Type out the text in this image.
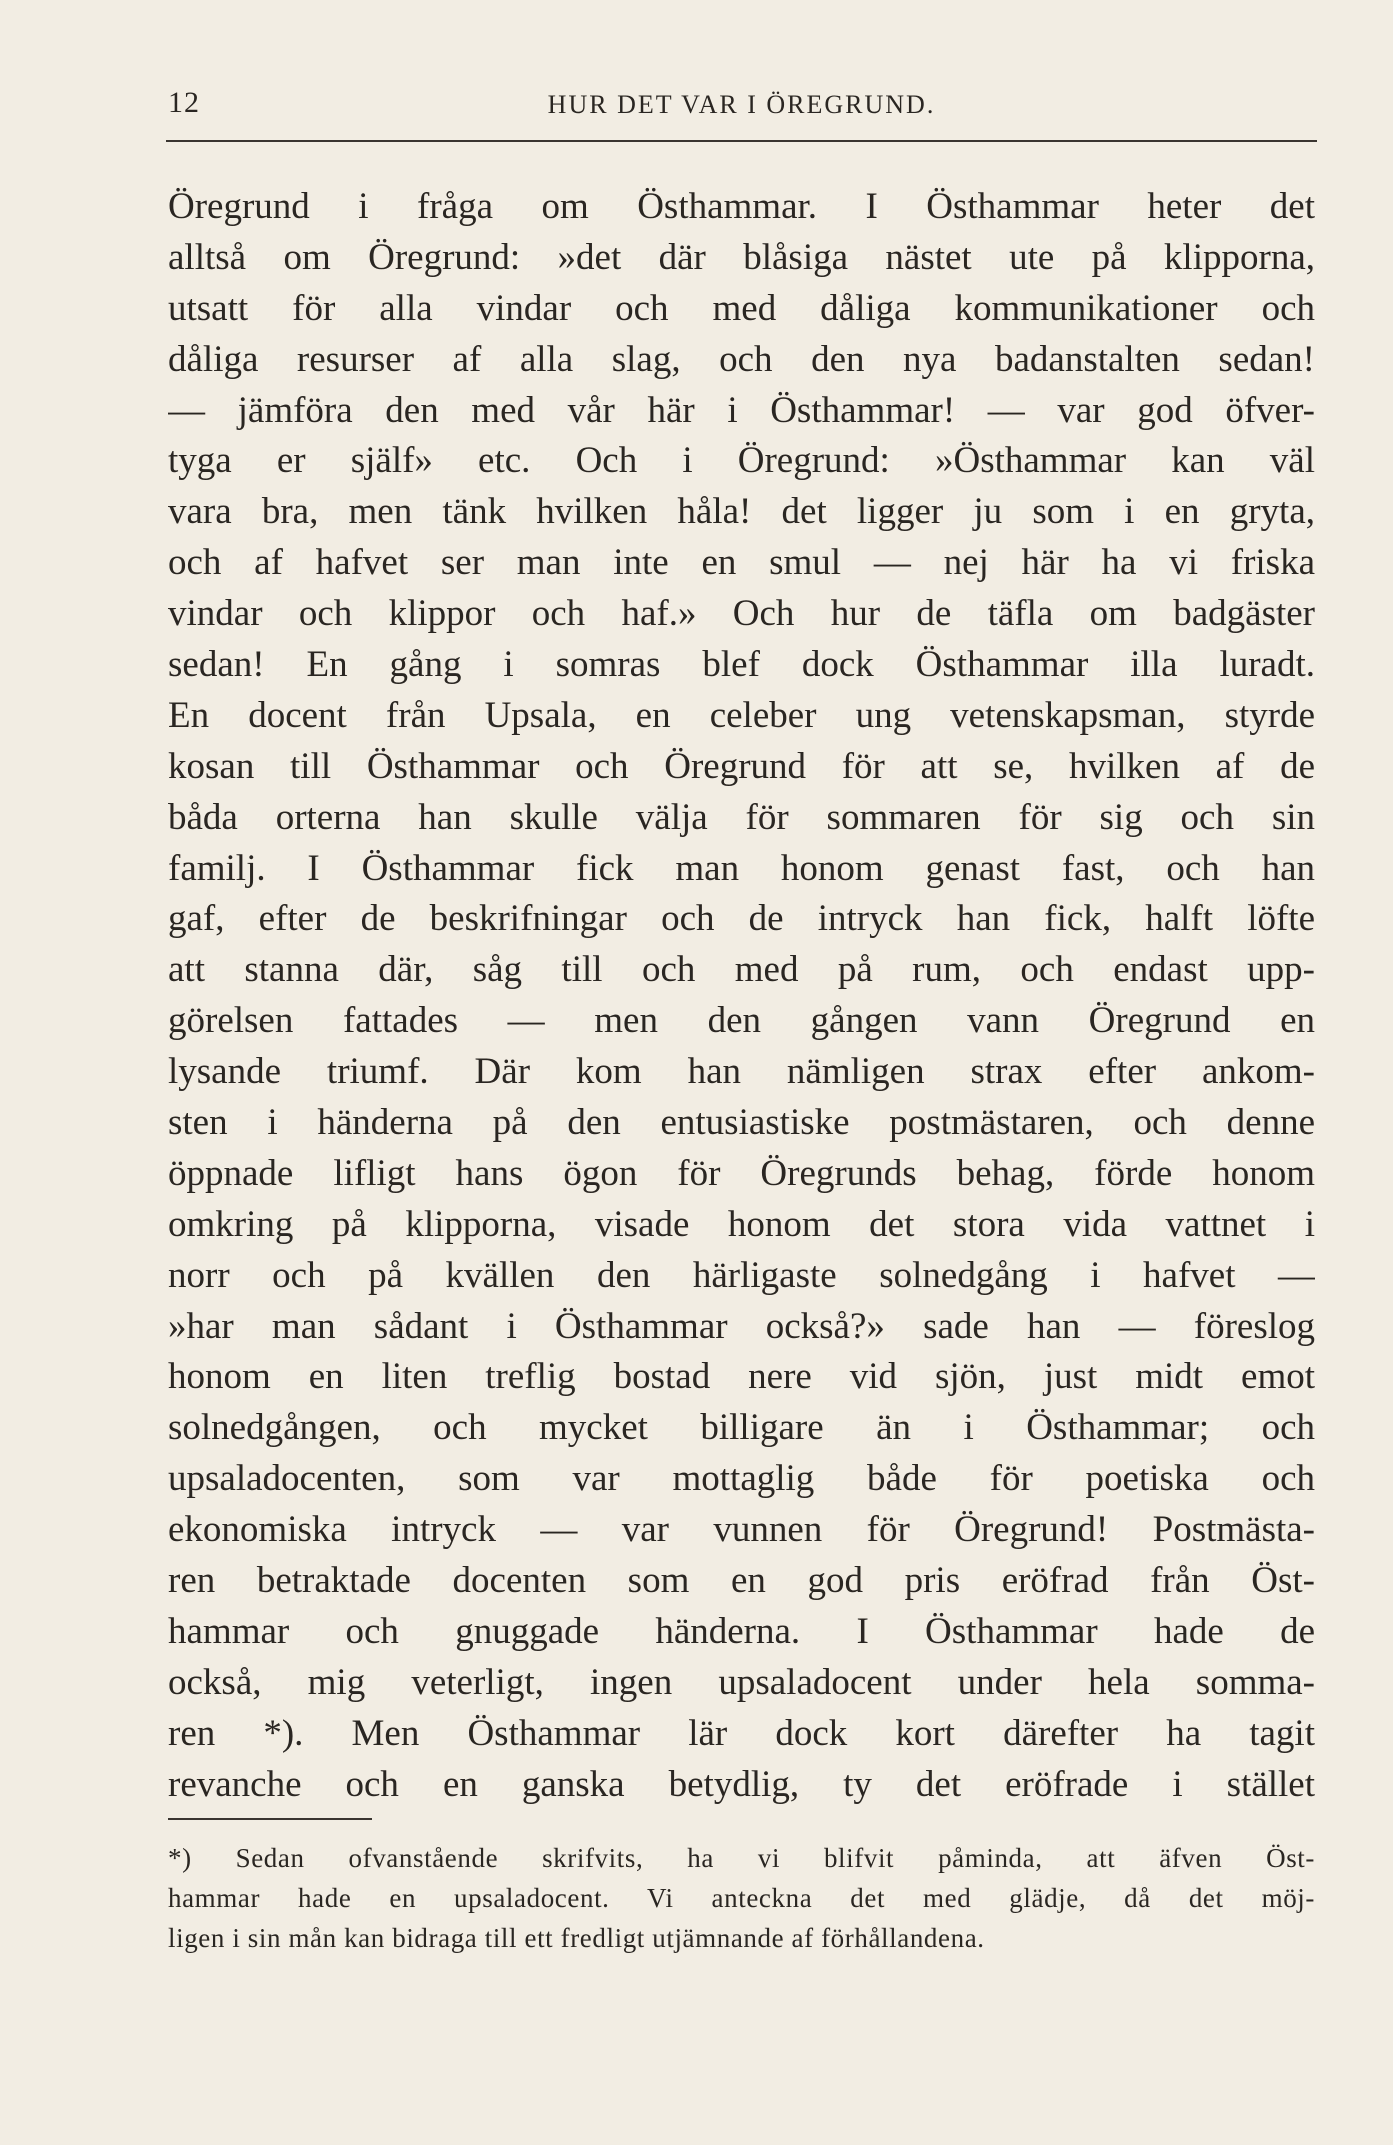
12	HUR DET VAR I ÖREGRUND.
Öregrund i fråga om Östhammar. I Östhammar heter det
alltså om Öregrund: »det där blåsiga nästet ute på klipporna,
utsatt för alla vindar och med dåliga kommunikationer och
dåliga resurser af alla slag, och den nya badanstalten sedan!
— jämföra den med vår här i Östhammar! — var god öfver-
tyga er själf» etc. Och i Öregrund: »Östhammar kan väl
vara bra, men tänk hvilken håla! det ligger ju som i en gryta,
och af hafvet ser man inte en smul — nej här ha vi friska
vindar och klippor och haf.» Och hur de täfla om badgäster
sedan! En gång i somras blef dock Östhammar illa luradt.
En docent från Upsala, en celeber ung vetenskapsman, styrde
kosan till Östhammar och Öregrund för att se, hvilken af de
båda orterna han skulle välja för sommaren för sig och sin
familj. I Östhammar fick man honom genast fast, och han
gaf, efter de beskrifningar och de intryck han fick, halft löfte
att stanna där, såg till och med på rum, och endast upp-
görelsen fattades — men den gången vann Öregrund en
lysande triumf. Där kom han nämligen strax efter ankom-
sten i händerna på den entusiastiske postmästaren, och denne
öppnade lifligt hans ögon för Öregrunds behag, förde honom
omkring på klipporna, visade honom det stora vida vattnet i
norr och på kvällen den härligaste solnedgång i hafvet —
»har man sådant i Östhammar också?» sade han — föreslog
honom en liten treflig bostad nere vid sjön, just midt emot
solnedgången, och mycket billigare än i Östhammar; och
upsaladocenten, som var mottaglig både för poetiska och
ekonomiska intryck — var vunnen för Öregrund! Postmästa-
ren betraktade docenten som en god pris eröfrad från Öst-
hammar och gnuggade händerna. I Östhammar hade de
också, mig veterligt, ingen upsaladocent under hela somma-
ren *). Men Östhammar lär dock kort därefter ha tagit
revanche och en ganska betydlig, ty det eröfrade i stället
*) Sedan ofvanstående skrifvits, ha vi blifvit påminda, att äfven Öst-
hammar hade en upsaladocent. Vi anteckna det med glädje, då det möj-
ligen i sin mån kan bidraga till ett fredligt utjämnande af förhållandena.
